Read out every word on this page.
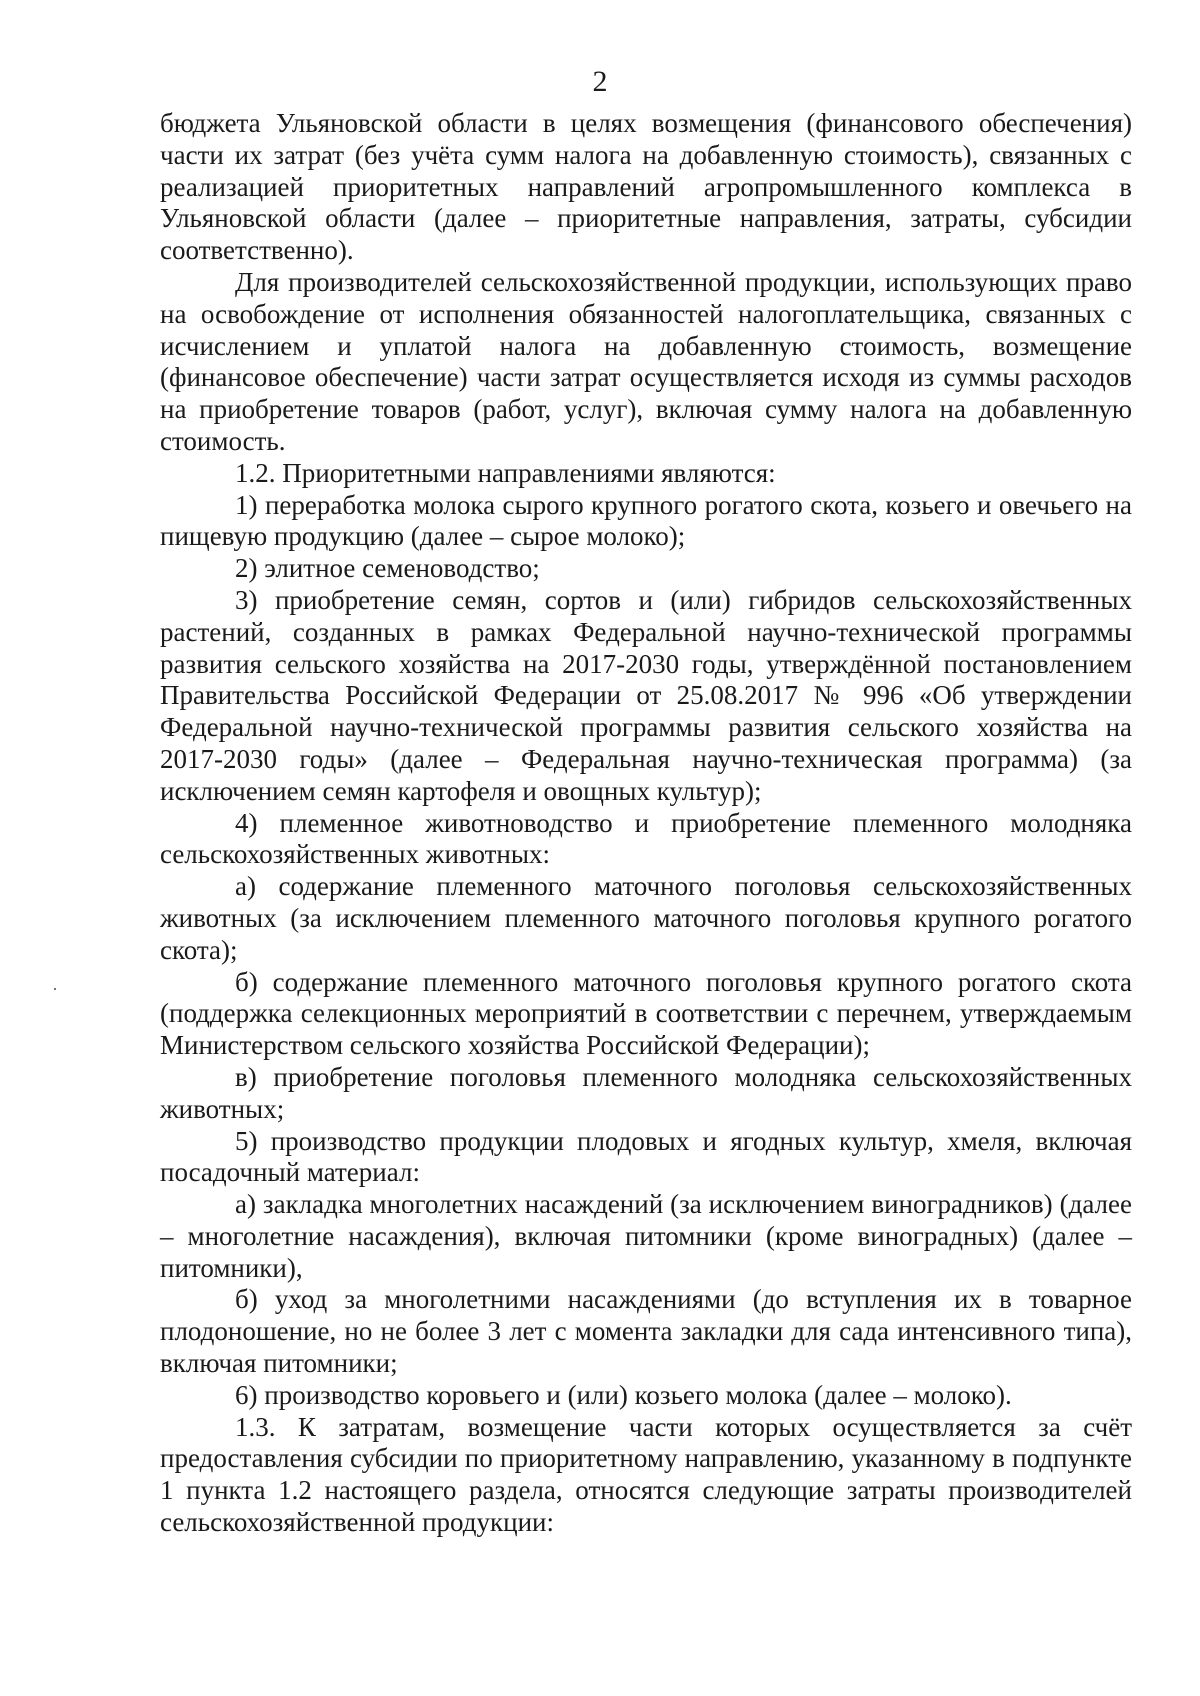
2

бюджета Ульяновской области в целях возмещения (финансового обеспечения) части их затрат (без учёта сумм налога на добавленную стоимость), связанных с реализацией приоритетных направлений агропромышленного комплекса в Ульяновской области (далее – приоритетные направления, затраты, субсидии соответственно).

Для производителей сельскохозяйственной продукции, использующих право на освобождение от исполнения обязанностей налогоплательщика, связанных с исчислением и уплатой налога на добавленную стоимость, возмещение (финансовое обеспечение) части затрат осуществляется исходя из суммы расходов на приобретение товаров (работ, услуг), включая сумму налога на добавленную стоимость.

1.2. Приоритетными направлениями являются:

1) переработка молока сырого крупного рогатого скота, козьего и овечьего на пищевую продукцию (далее – сырое молоко);

2) элитное семеноводство;

3) приобретение семян, сортов и (или) гибридов сельскохозяйственных растений, созданных в рамках Федеральной научно-технической программы развития сельского хозяйства на 2017-2030 годы, утверждённой постановлением Правительства Российской Федерации от 25.08.2017 № 996 «Об утверждении Федеральной научно-технической программы развития сельского хозяйства на 2017-2030 годы» (далее – Федеральная научно-техническая программа) (за исключением семян картофеля и овощных культур);

4) племенное животноводство и приобретение племенного молодняка сельскохозяйственных животных:

а) содержание племенного маточного поголовья сельскохозяйственных животных (за исключением племенного маточного поголовья крупного рогатого скота);

б) содержание племенного маточного поголовья крупного рогатого скота (поддержка селекционных мероприятий в соответствии с перечнем, утверждаемым Министерством сельского хозяйства Российской Федерации);

в) приобретение поголовья племенного молодняка сельскохозяйственных животных;

5) производство продукции плодовых и ягодных культур, хмеля, включая посадочный материал:

а) закладка многолетних насаждений (за исключением виноградников) (далее – многолетние насаждения), включая питомники (кроме виноградных) (далее – питомники),

б) уход за многолетними насаждениями (до вступления их в товарное плодоношение, но не более 3 лет с момента закладки для сада интенсивного типа), включая питомники;

6) производство коровьего и (или) козьего молока (далее – молоко).

1.3. К затратам, возмещение части которых осуществляется за счёт предоставления субсидии по приоритетному направлению, указанному в подпункте 1 пункта 1.2 настоящего раздела, относятся следующие затраты производителей сельскохозяйственной продукции:
